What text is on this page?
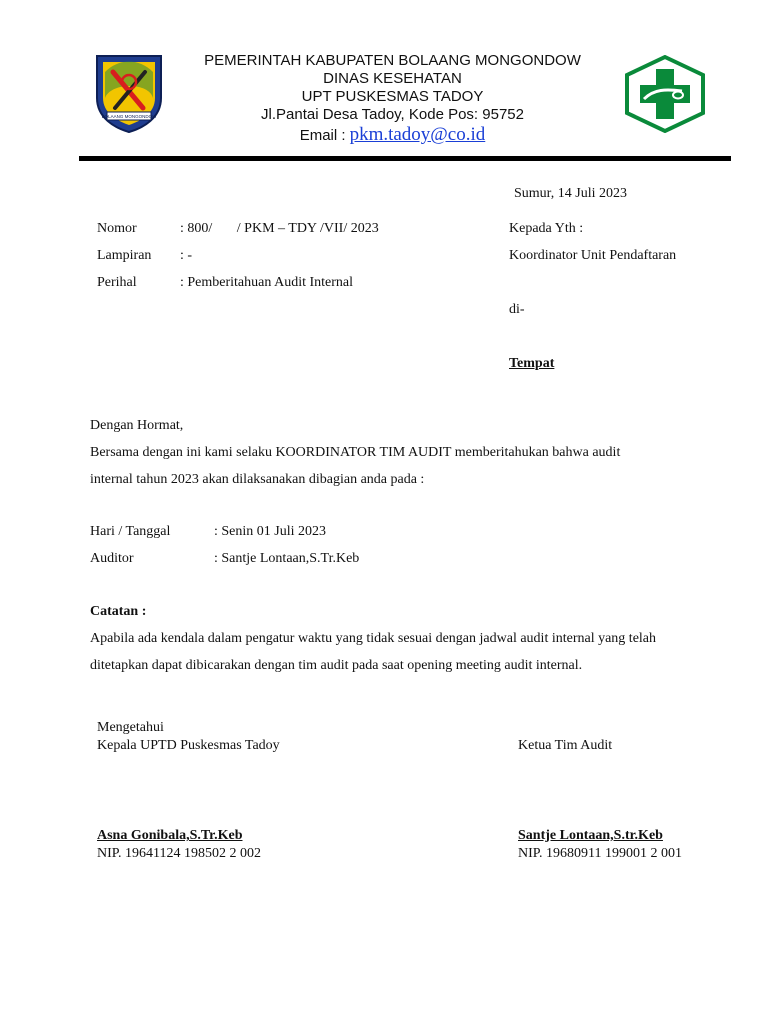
BOLAANG MONGONDOW
PEMERINTAH KABUPATEN BOLAANG MONGONDOW
DINAS KESEHATAN
UPT PUSKESMAS TADOY
Jl.Pantai Desa Tadoy, Kode Pos: 95752
Email : pkm.tadoy@co.id
Sumur, 14 Juli 2023
Nomor	: 800/       / PKM – TDY /VII/ 2023
Lampiran : -
Perihal	: Pemberitahuan Audit Internal
Kepada Yth :
Koordinator Unit Pendaftaran
di-
Tempat
Dengan Hormat,
Bersama dengan ini kami selaku KOORDINATOR TIM AUDIT memberitahukan bahwa audit
internal tahun 2023 akan dilaksanakan dibagian anda pada :
Hari / Tanggal	: Senin 01 Juli 2023
Auditor	: Santje Lontaan,S.Tr.Keb
Catatan :
Apabila ada kendala dalam pengatur waktu yang tidak sesuai dengan jadwal audit internal yang telah
ditetapkan dapat dibicarakan dengan tim audit pada saat opening meeting audit internal.
Mengetahui
Kepala UPTD Puskesmas Tadoy	Ketua Tim Audit
Asna Gonibala,S.Tr.Keb
NIP. 19641124 198502 2 002
Santje Lontaan,S.tr.Keb
NIP. 19680911 199001 2 001
